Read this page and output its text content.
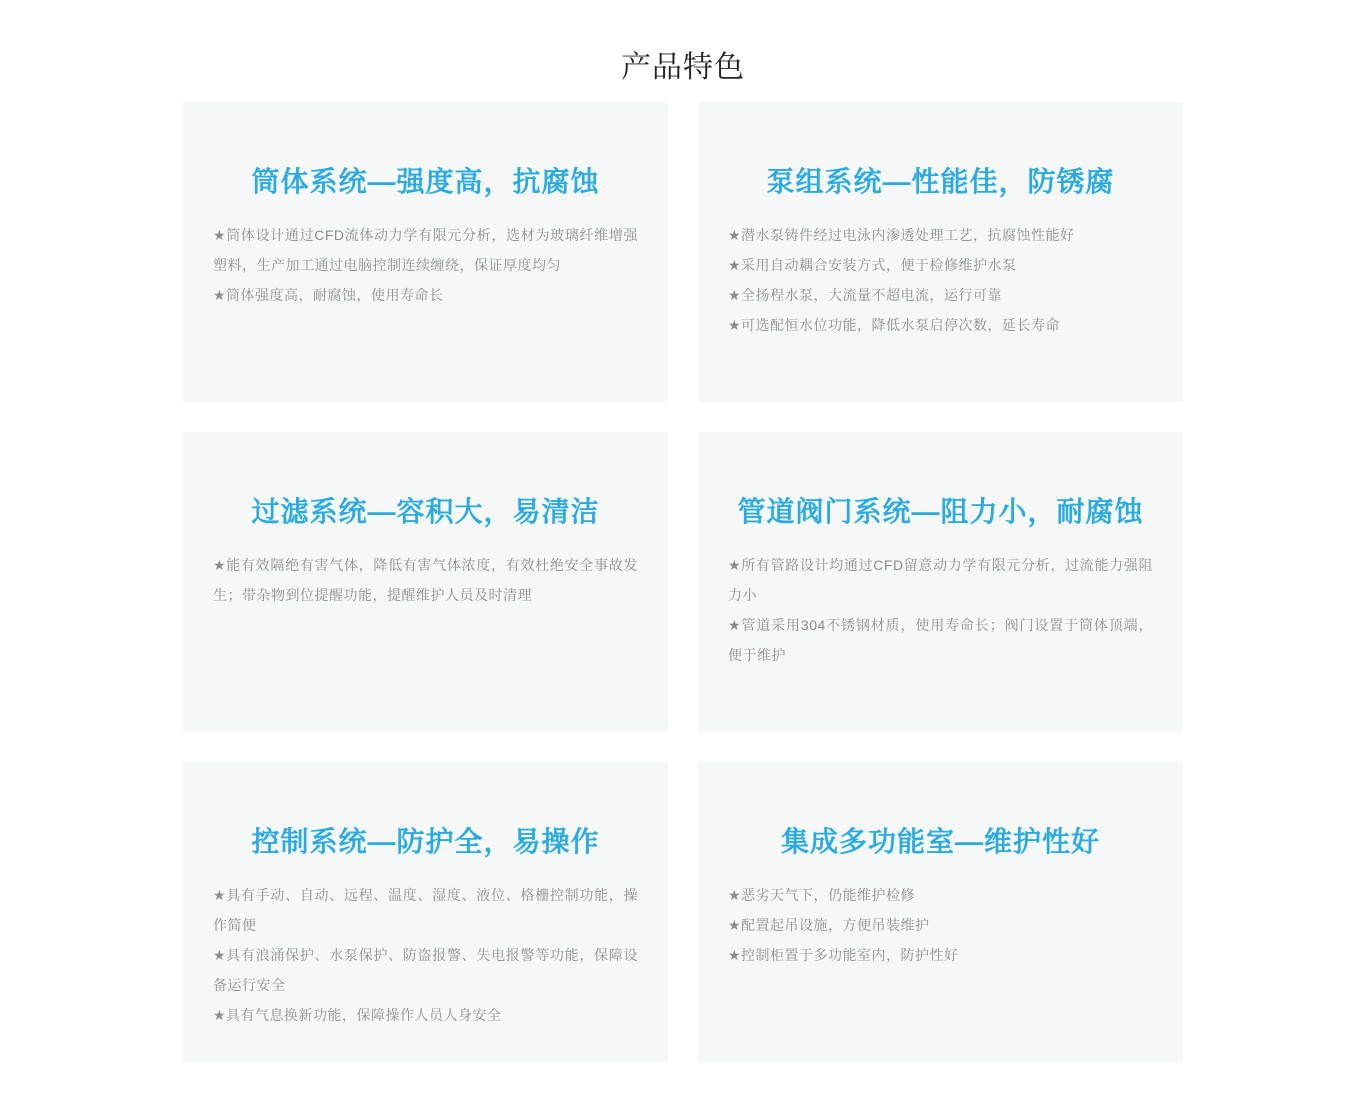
产品特色
筒体系统—强度高，抗腐蚀

★筒体设计通过CFD流体动力学有限元分析，选材为玻璃纤维增强塑料，生产加工通过电脑控制连续缠绕，保证厚度均匀

★筒体强度高，耐腐蚀，使用寿命长

泵组系统—性能佳，防锈腐

★潜水泵铸件经过电泳内渗透处理工艺，抗腐蚀性能好

★采用自动耦合安装方式，便于检修维护水泵

★全扬程水泵，大流量不超电流，运行可靠

★可选配恒水位功能，降低水泵启停次数，延长寿命

过滤系统—容积大，易清洁

★能有效隔绝有害气体，降低有害气体浓度，有效杜绝安全事故发生；带杂物到位提醒功能，提醒维护人员及时清理

管道阀门系统—阻力小，耐腐蚀

★所有管路设计均通过CFD留意动力学有限元分析，过流能力强阻力小

★管道采用304不锈钢材质，使用寿命长；阀门设置于筒体顶端，便于维护

控制系统—防护全，易操作

★具有手动、自动、远程、温度、湿度、液位、格栅控制功能，操作简便

★具有浪涌保护、水泵保护、防盗报警、失电报警等功能，保障设备运行安全

★具有气息换新功能，保障操作人员人身安全

集成多功能室—维护性好

★恶劣天气下，仍能维护检修

★配置起吊设施，方便吊装维护

★控制柜置于多功能室内，防护性好
